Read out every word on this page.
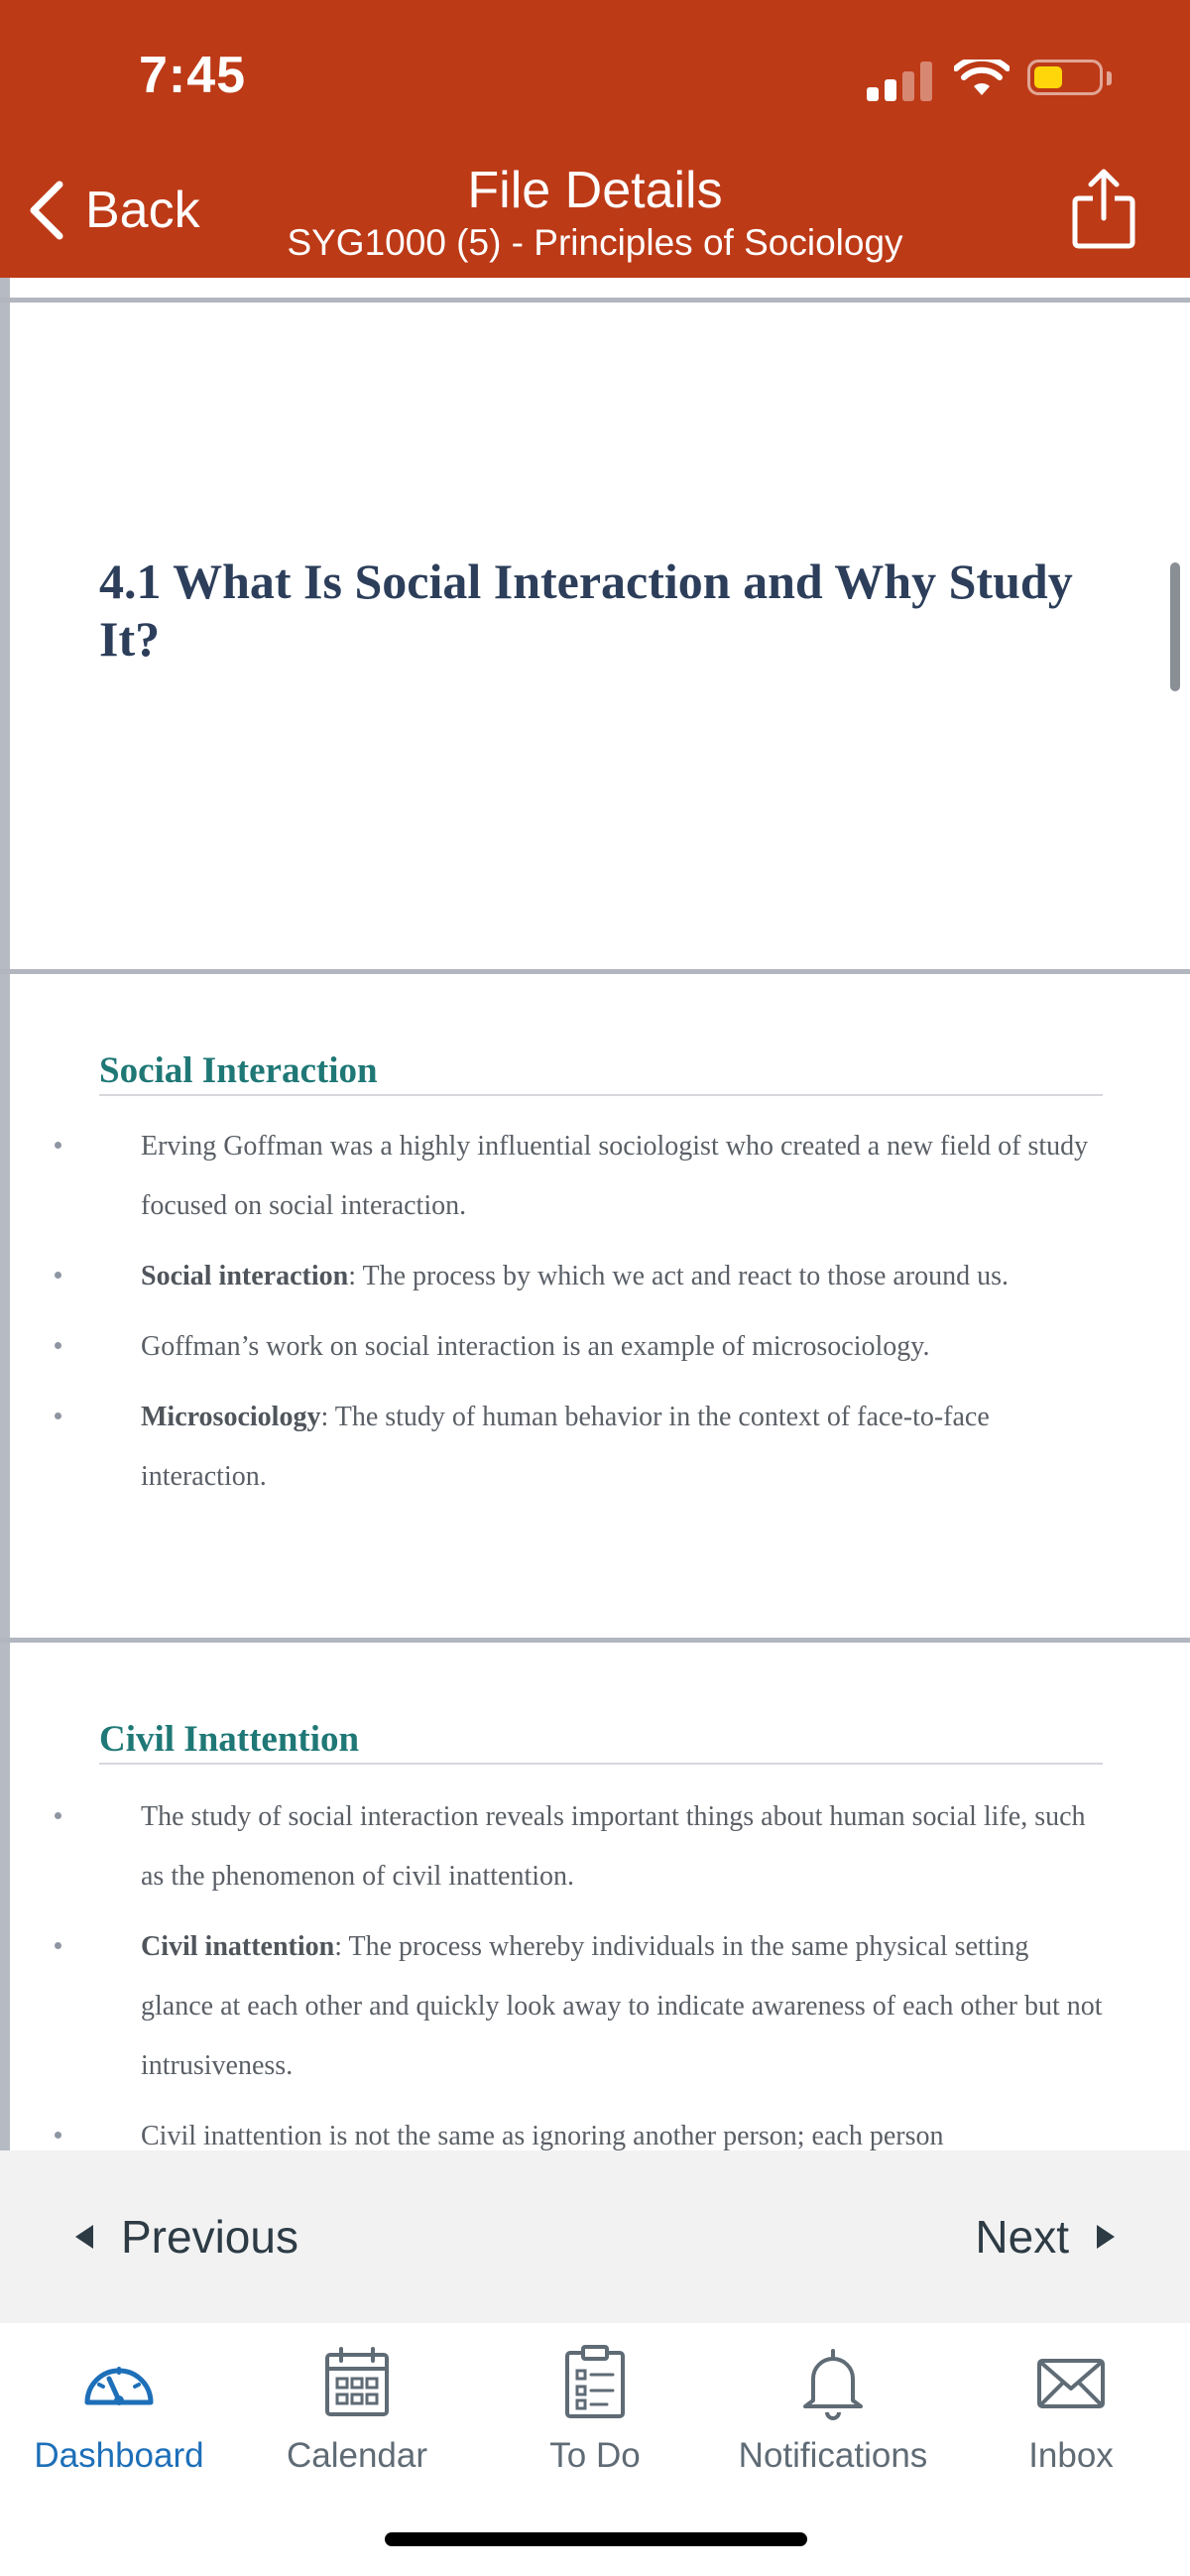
7:45
Back	File Details
SYG1000 (5) - Principles of Sociology
4.1 What Is Social Interaction and Why Study It?
Social Interaction
Erving Goffman was a highly influential sociologist who created a new field of study focused on social interaction.
Social interaction: The process by which we act and react to those around us.
Goffman’s work on social interaction is an example of microsociology.
Microsociology: The study of human behavior in the context of face-to-face interaction.
Civil Inattention
The study of social interaction reveals important things about human social life, such as the phenomenon of civil inattention.
Civil inattention: The process whereby individuals in the same physical setting glance at each other and quickly look away to indicate awareness of each other but not intrusiveness.
Civil inattention is not the same as ignoring another person; each person
Previous	Next
Dashboard	Calendar	To Do	Notifications	Inbox
